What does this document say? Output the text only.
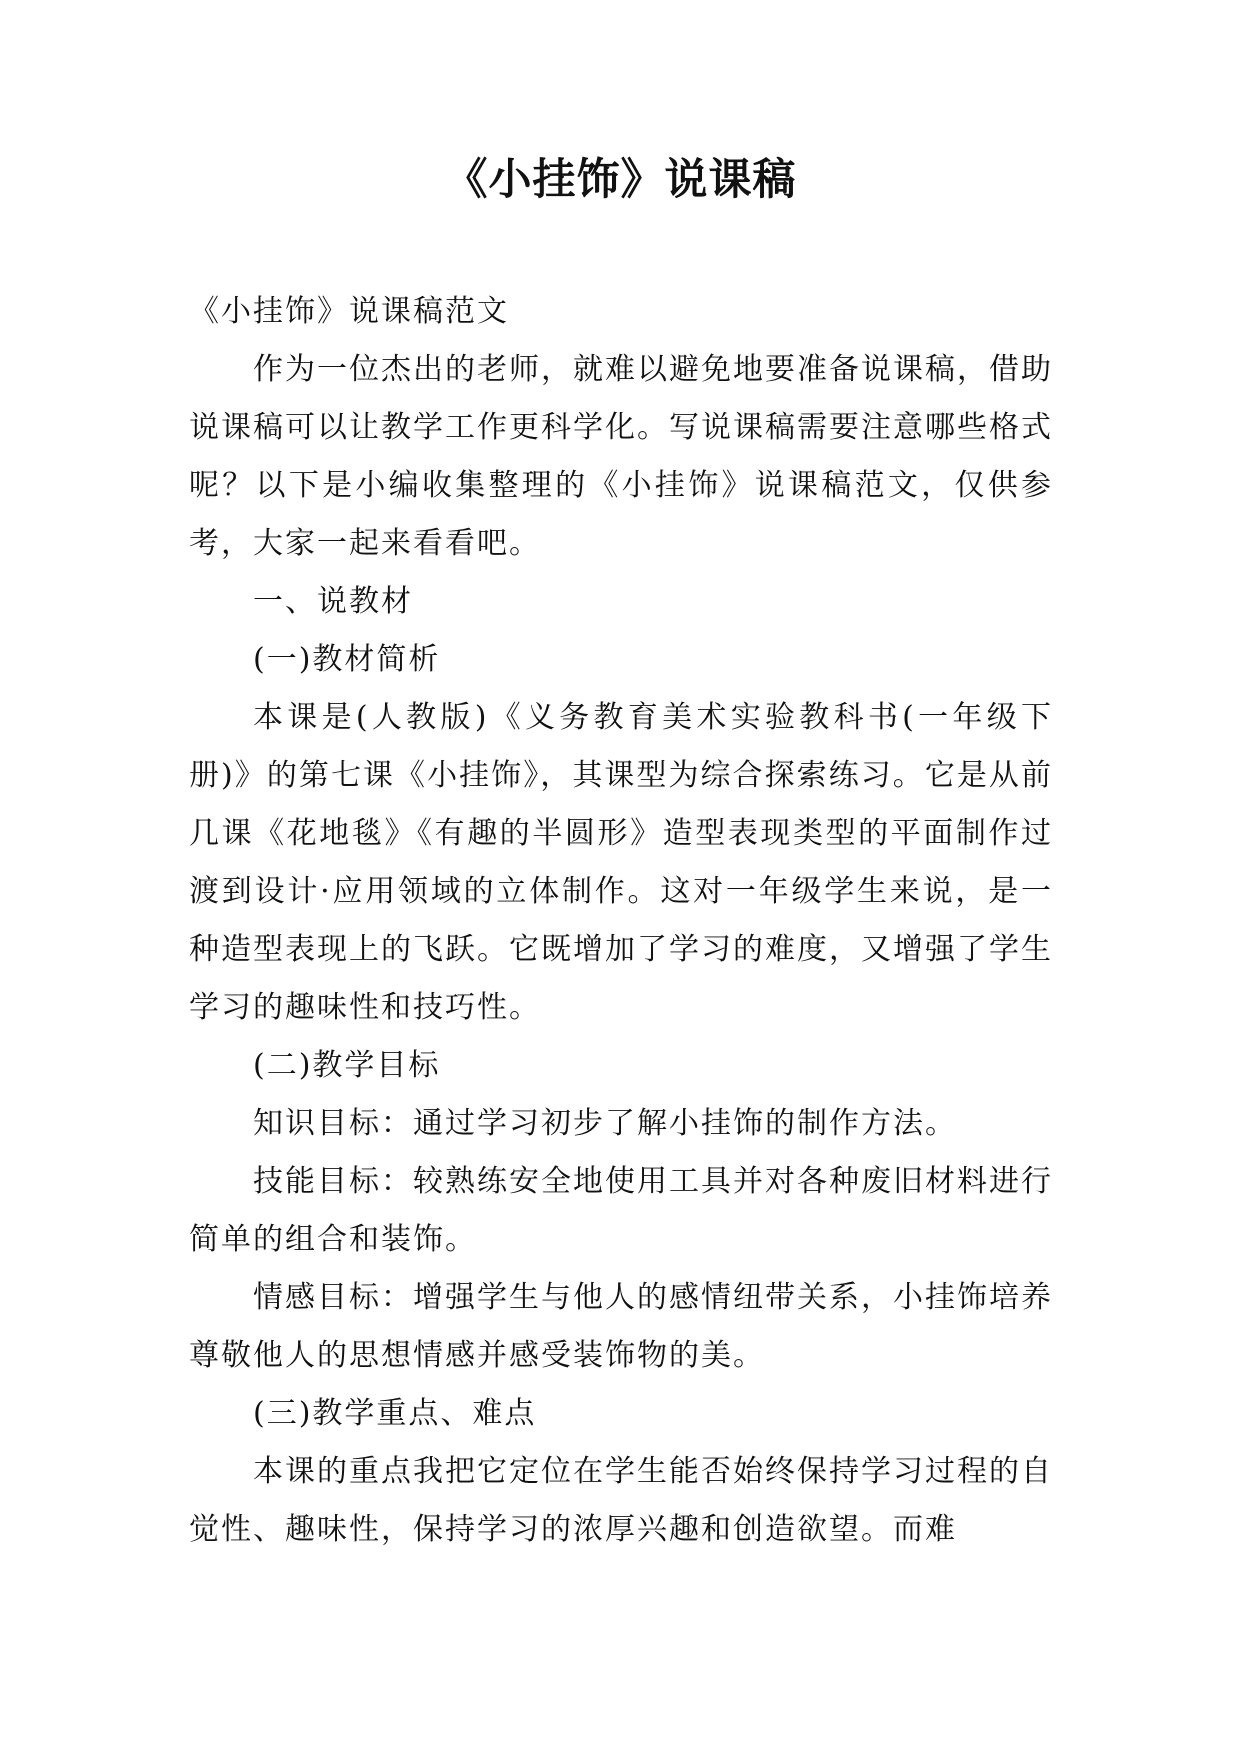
《小挂饰》说课稿

《小挂饰》说课稿范文

作为一位杰出的老师，就难以避免地要准备说课稿，借助说课稿可以让教学工作更科学化。写说课稿需要注意哪些格式呢？以下是小编收集整理的《小挂饰》说课稿范文，仅供参考，大家一起来看看吧。

一、说教材

(一)教材简析

本课是(人教版)《义务教育美术实验教科书(一年级下册)》的第七课《小挂饰》，其课型为综合探索练习。它是从前几课《花地毯》《有趣的半圆形》造型表现类型的平面制作过渡到设计·应用领域的立体制作。这对一年级学生来说，是一种造型表现上的飞跃。它既增加了学习的难度，又增强了学生学习的趣味性和技巧性。

(二)教学目标

知识目标：通过学习初步了解小挂饰的制作方法。

技能目标：较熟练安全地使用工具并对各种废旧材料进行简单的组合和装饰。

情感目标：增强学生与他人的感情纽带关系，小挂饰培养尊敬他人的思想情感并感受装饰物的美。

(三)教学重点、难点

本课的重点我把它定位在学生能否始终保持学习过程的自觉性、趣味性，保持学习的浓厚兴趣和创造欲望。而难
